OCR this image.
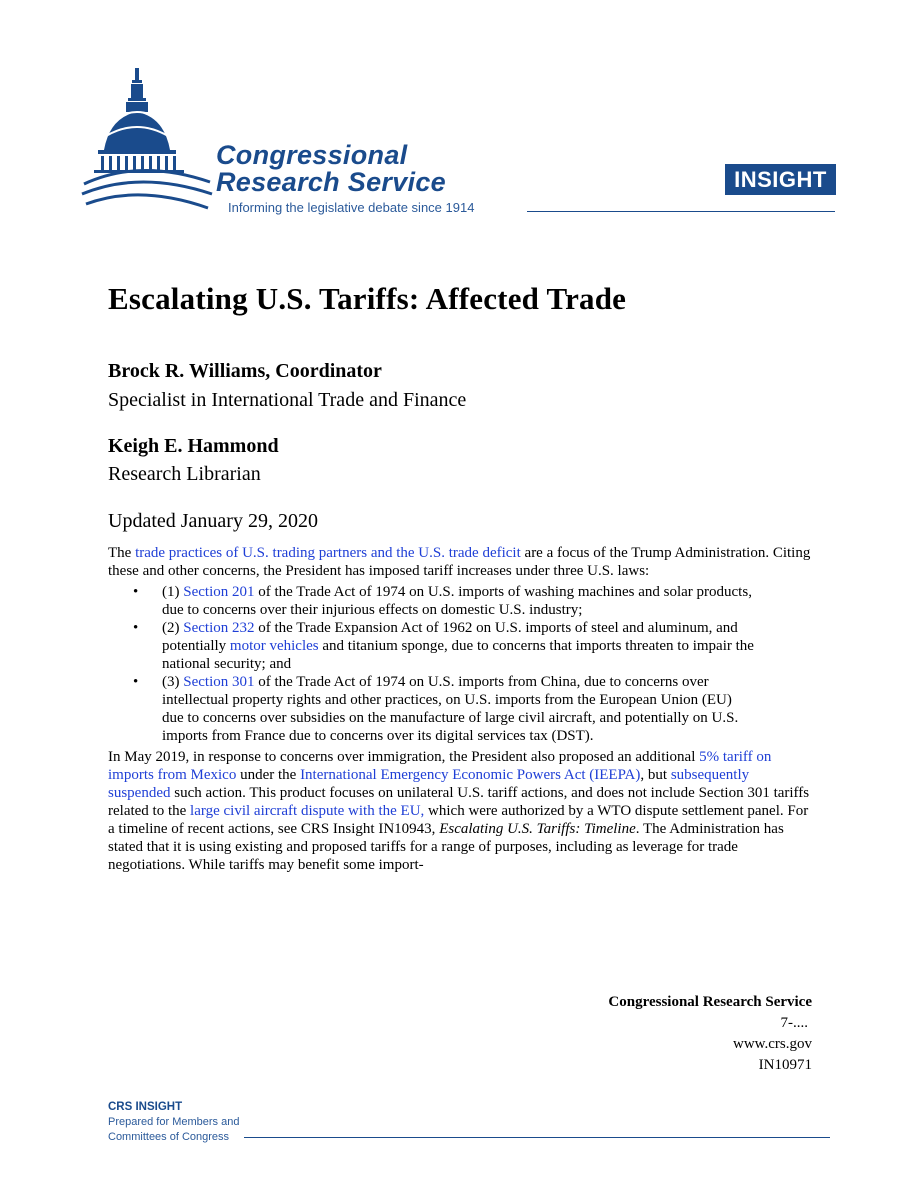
Congressional
Research Service
Informing the legislative debate since 1914
INSIGHT
Escalating U.S. Tariffs: Affected Trade
Brock R. Williams, Coordinator
Specialist in International Trade and Finance
Keigh E. Hammond
Research Librarian
Updated January 29, 2020

The trade practices of U.S. trading partners and the U.S. trade deficit are a focus of the Trump Administration. Citing these and other concerns, the President has imposed tariff increases under three U.S. laws:

• (1) Section 201 of the Trade Act of 1974 on U.S. imports of washing machines and solar products, due to concerns over their injurious effects on domestic U.S. industry;
• (2) Section 232 of the Trade Expansion Act of 1962 on U.S. imports of steel and aluminum, and potentially motor vehicles and titanium sponge, due to concerns that imports threaten to impair the national security; and
• (3) Section 301 of the Trade Act of 1974 on U.S. imports from China, due to concerns over intellectual property rights and other practices, on U.S. imports from the European Union (EU) due to concerns over subsidies on the manufacture of large civil aircraft, and potentially on U.S. imports from France due to concerns over its digital services tax (DST).

In May 2019, in response to concerns over immigration, the President also proposed an additional 5% tariff on imports from Mexico under the International Emergency Economic Powers Act (IEEPA), but subsequently suspended such action. This product focuses on unilateral U.S. tariff actions, and does not include Section 301 tariffs related to the large civil aircraft dispute with the EU, which were authorized by a WTO dispute settlement panel. For a timeline of recent actions, see CRS Insight IN10943, Escalating U.S. Tariffs: Timeline. The Administration has stated that it is using existing and proposed tariffs for a range of purposes, including as leverage for trade negotiations. While tariffs may benefit some import-

Congressional Research Service
7-....
www.crs.gov
IN10971
CRS INSIGHT
Prepared for Members and
Committees of Congress
